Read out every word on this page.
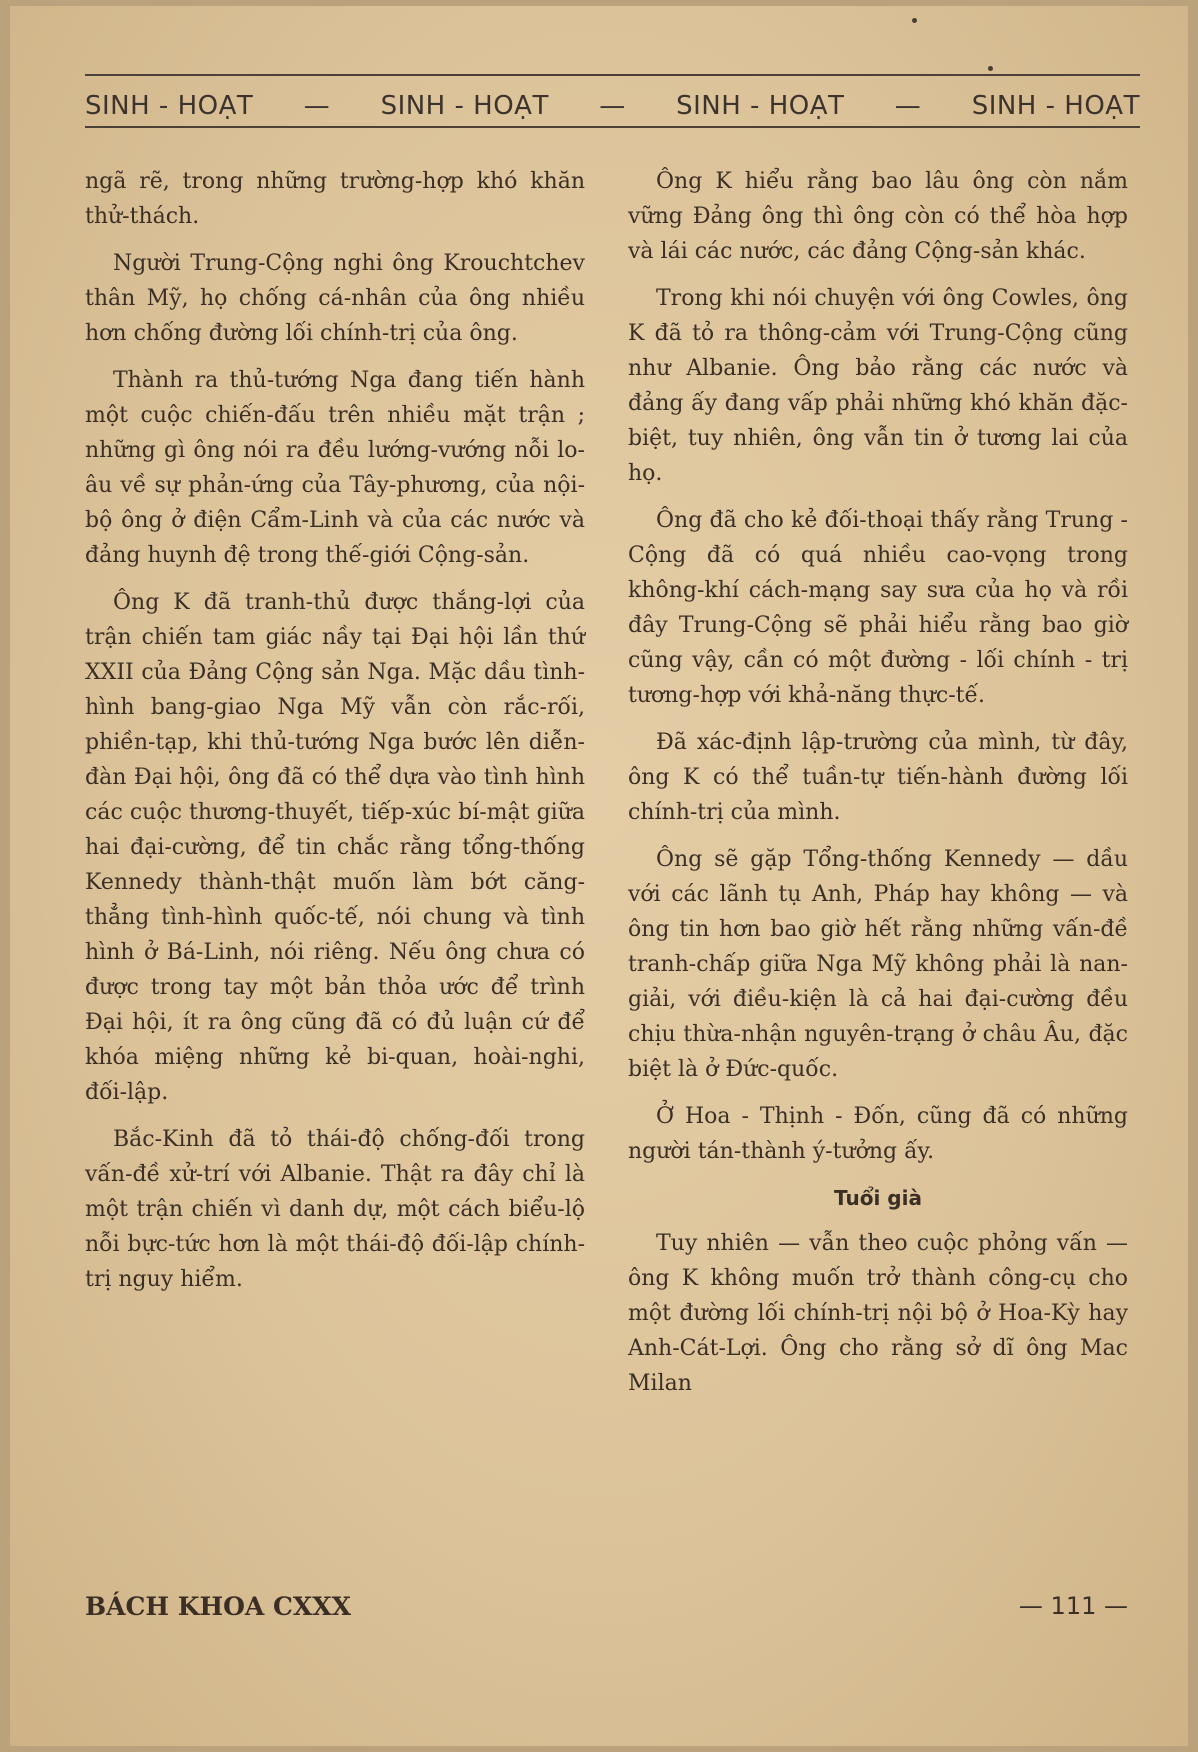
SINH - HOẠT — SINH - HOẠT — SINH - HOẠT — SINH - HOẠT

ngã rẽ, trong những trường-hợp khó khăn thử-thách.

Người Trung-Cộng nghi ông Krouchtchev thân Mỹ, họ chống cá-nhân của ông nhiều hơn chống đường lối chính-trị của ông.

Thành ra thủ-tướng Nga đang tiến hành một cuộc chiến-đấu trên nhiều mặt trận ; những gì ông nói ra đều lướng-vướng nỗi lo-âu về sự phản-ứng của Tây-phương, của nội-bộ ông ở điện Cẩm-Linh và của các nước và đảng huynh đệ trong thế-giới Cộng-sản.

Ông K đã tranh-thủ được thắng-lợi của trận chiến tam giác nầy tại Đại hội lần thứ XXII của Đảng Cộng sản Nga. Mặc dầu tình-hình bang-giao Nga Mỹ vẫn còn rắc-rối, phiền-tạp, khi thủ-tướng Nga bước lên diễn-đàn Đại hội, ông đã có thể dựa vào tình hình các cuộc thương-thuyết, tiếp-xúc bí-mật giữa hai đại-cường, để tin chắc rằng tổng-thống Kennedy thành-thật muốn làm bớt căng-thẳng tình-hình quốc-tế, nói chung và tình hình ở Bá-Linh, nói riêng. Nếu ông chưa có được trong tay một bản thỏa ước để trình Đại hội, ít ra ông cũng đã có đủ luận cứ để khóa miệng những kẻ bi-quan, hoài-nghi, đối-lập.

Bắc-Kinh đã tỏ thái-độ chống-đối trong vấn-đề xử-trí với Albanie. Thật ra đây chỉ là một trận chiến vì danh dự, một cách biểu-lộ nỗi bực-tức hơn là một thái-độ đối-lập chính-trị nguy hiểm.

Ông K hiểu rằng bao lâu ông còn nắm vững Đảng ông thì ông còn có thể hòa hợp và lái các nước, các đảng Cộng-sản khác.

Trong khi nói chuyện với ông Cowles, ông K đã tỏ ra thông-cảm với Trung-Cộng cũng như Albanie. Ông bảo rằng các nước và đảng ấy đang vấp phải những khó khăn đặc-biệt, tuy nhiên, ông vẫn tin ở tương lai của họ.

Ông đã cho kẻ đối-thoại thấy rằng Trung - Cộng đã có quá nhiều cao-vọng trong không-khí cách-mạng say sưa của họ và rồi đây Trung-Cộng sẽ phải hiểu rằng bao giờ cũng vậy, cần có một đường - lối chính - trị tương-hợp với khả-năng thực-tế.

Đã xác-định lập-trường của mình, từ đây, ông K có thể tuần-tự tiến-hành đường lối chính-trị của mình.

Ông sẽ gặp Tổng-thống Kennedy — dầu với các lãnh tụ Anh, Pháp hay không — và ông tin hơn bao giờ hết rằng những vấn-đề tranh-chấp giữa Nga Mỹ không phải là nan-giải, với điều-kiện là cả hai đại-cường đều chịu thừa-nhận nguyên-trạng ở châu Âu, đặc biệt là ở Đức-quốc.

Ở Hoa - Thịnh - Đốn, cũng đã có những người tán-thành ý-tưởng ấy.

Tuổi già

Tuy nhiên — vẫn theo cuộc phỏng vấn — ông K không muốn trở thành công-cụ cho một đường lối chính-trị nội bộ ở Hoa-Kỳ hay Anh-Cát-Lợi. Ông cho rằng sở dĩ ông Mac Milan

BÁCH KHOA CXXX	— 111 —
